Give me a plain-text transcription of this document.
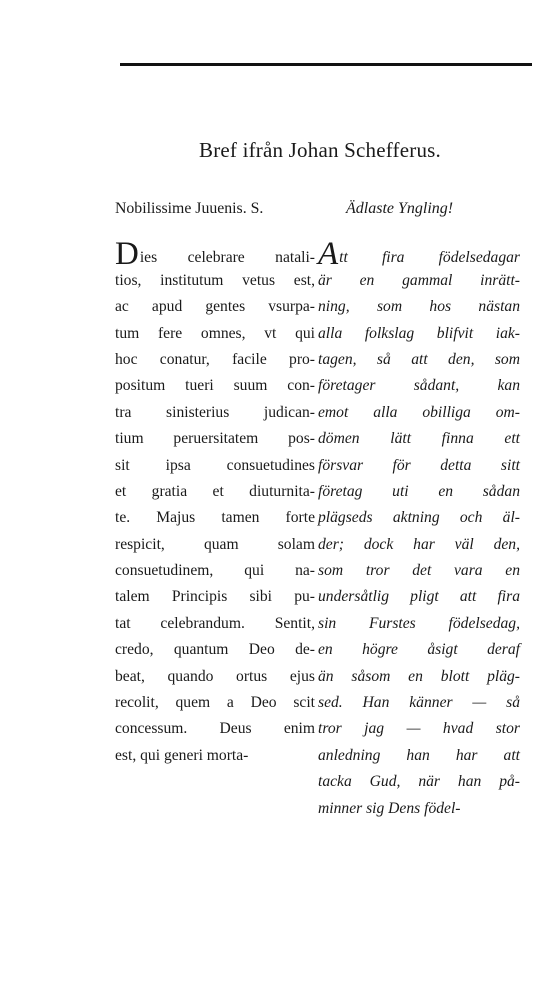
Bref ifrån Johan Schefferus.
Nobilissime Juuenis. S.
Dies celebrare natali-
tios, institutum vetus est,
ac apud gentes vsurpa-
tum fere omnes, vt qui
hoc conatur, facile pro-
positum tueri suum con-
tra sinisterius judican-
tium peruersitatem pos-
sit ipsa consuetudines
et gratia et diuturnita-
te. Majus tamen forte
respicit, quam solam
consuetudinem, qui na-
talem Principis sibi pu-
tat celebrandum. Sentit,
credo, quantum Deo de-
beat, quando ortus ejus
recolit, quem a Deo scit
concessum. Deus enim
est, qui generi morta-
Ädlaste Yngling!
Att fira födelsedagar
är en gammal inrätt-
ning, som hos nästan
alla folkslag blifvit iak-
tagen, så att den, som
företager sådant, kan
emot alla obilliga om-
dömen lätt finna ett
försvar för detta sitt
företag uti en sådan
plägseds aktning och äl-
der; dock har väl den,
som tror det vara en
undersåtlig pligt att fira
sin Furstes födelsedag,
en högre åsigt deraf
än såsom en blott pläg-
sed. Han känner — så
tror jag — hvad stor
anledning han har att
tacka Gud, när han på-
minner sig Dens födel-
